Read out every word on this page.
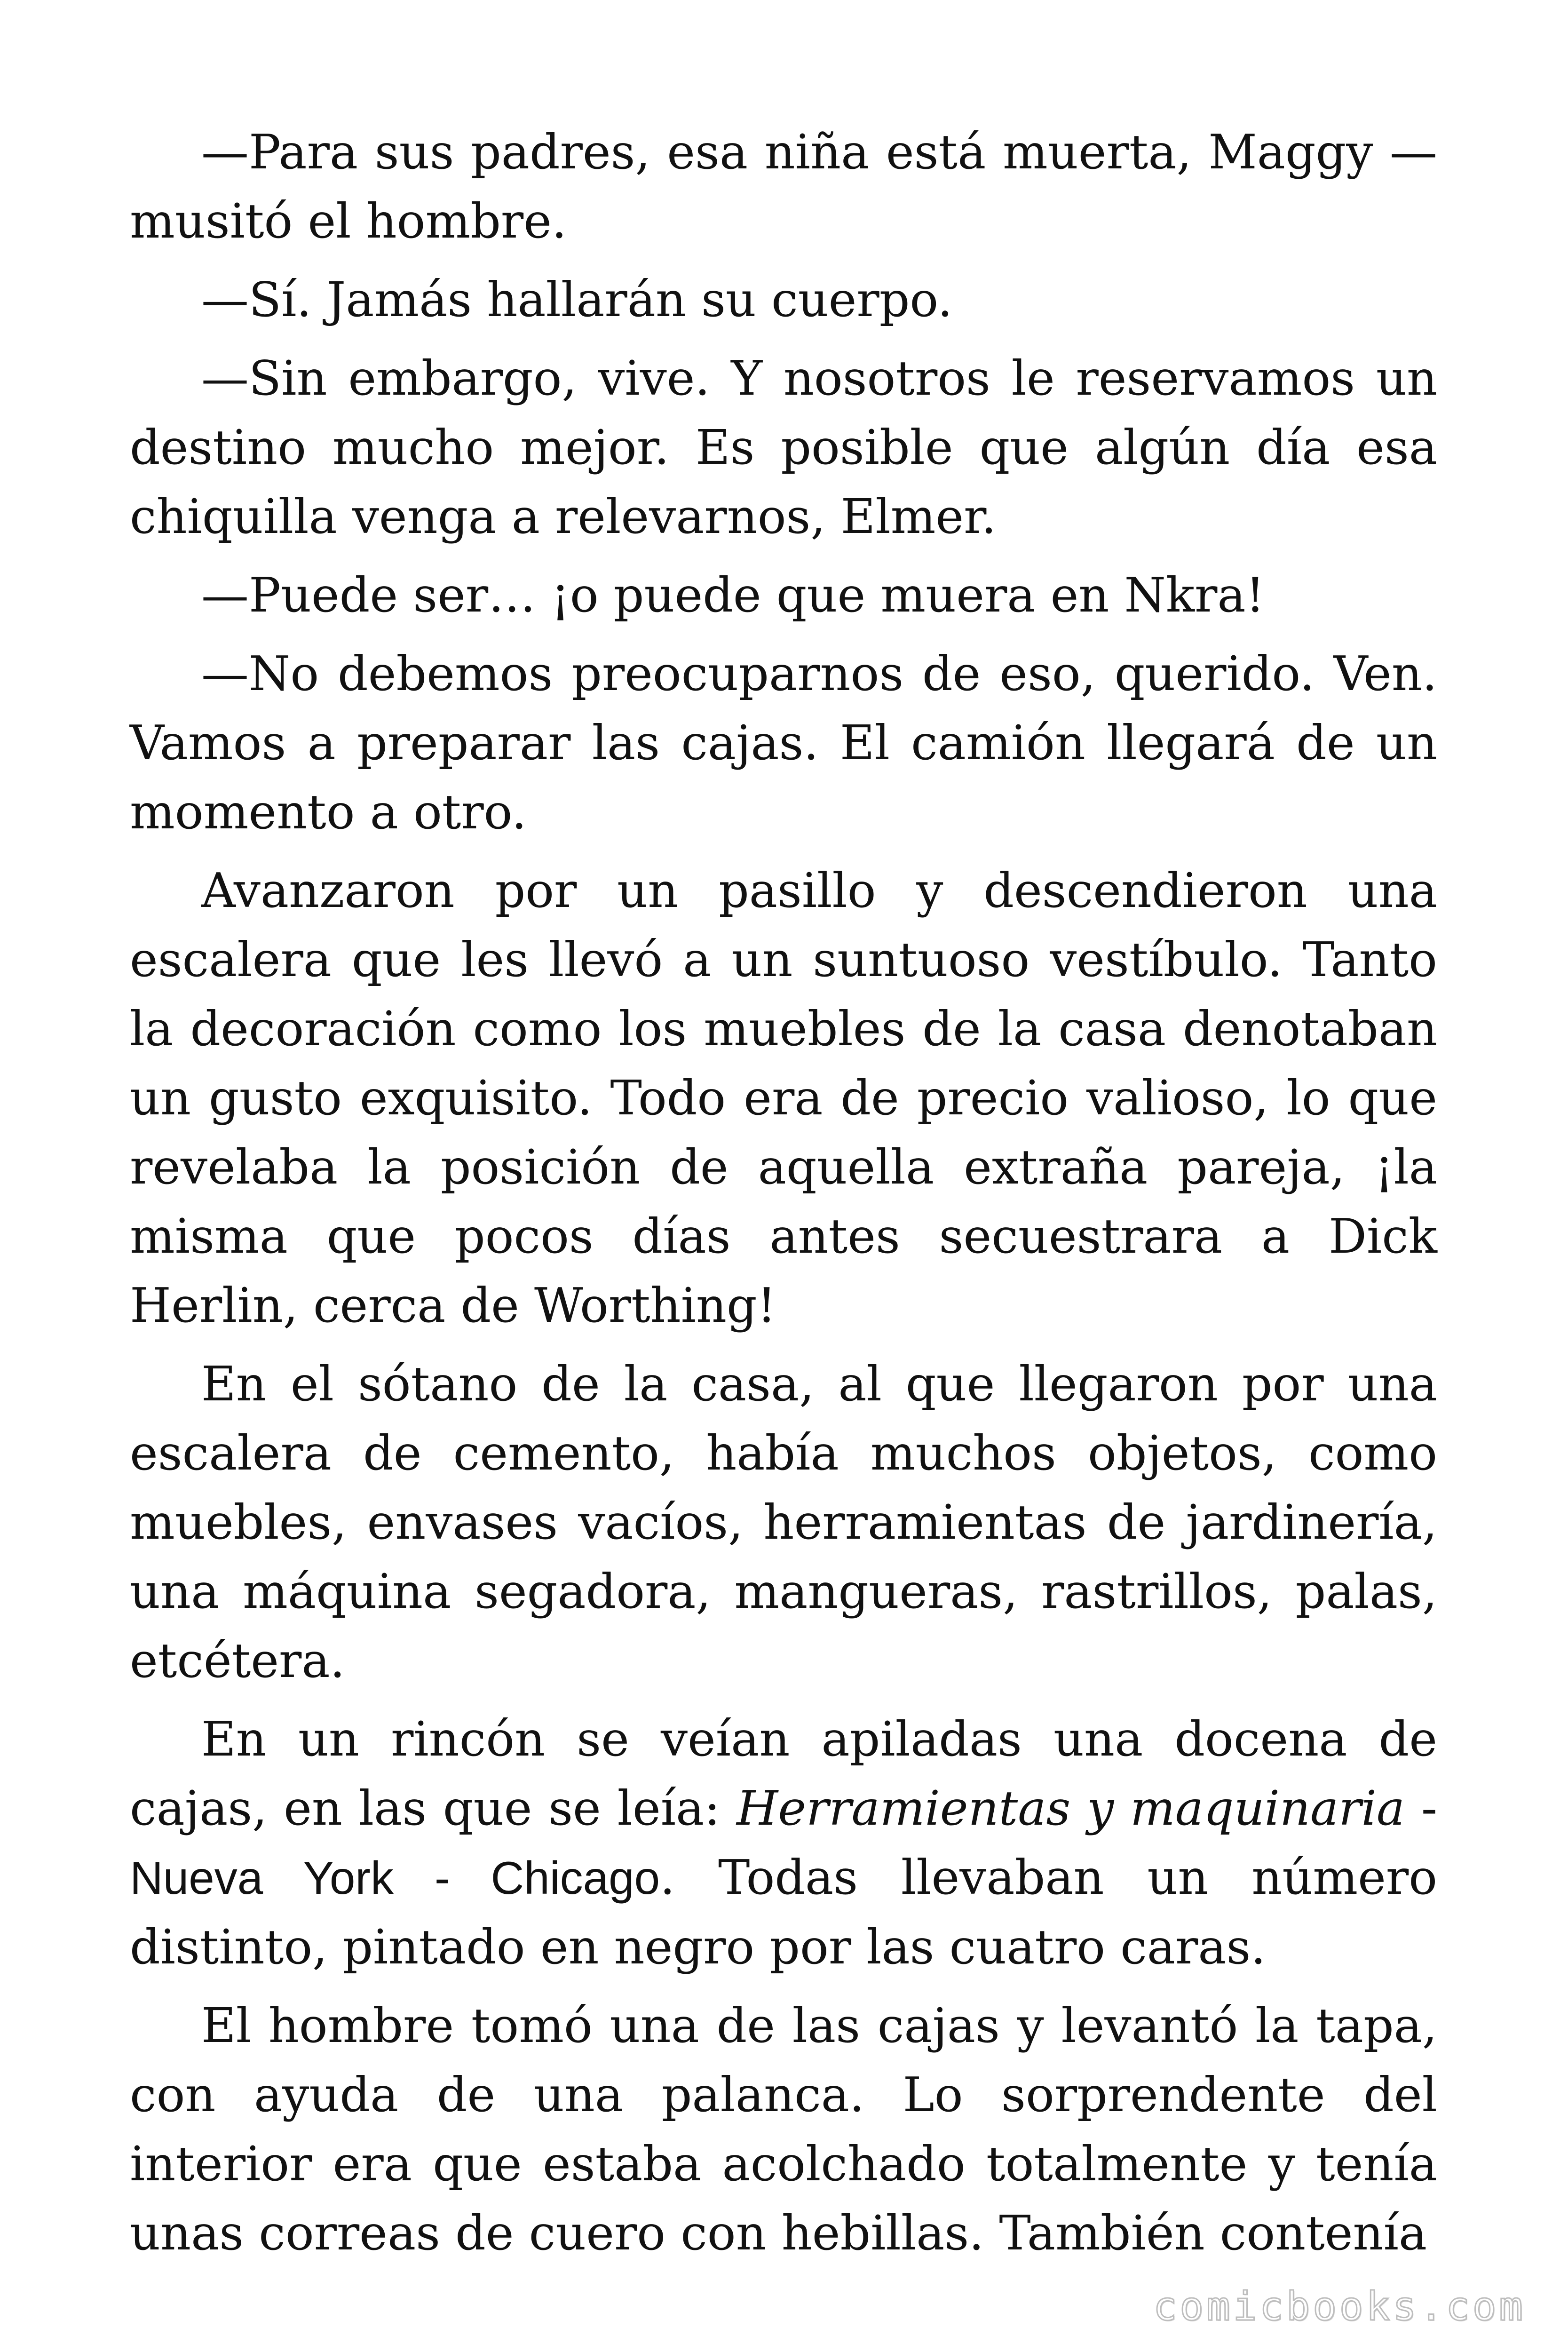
—Para sus padres, esa niña está muerta, Maggy —musitó el hombre.

—Sí. Jamás hallarán su cuerpo.

—Sin embargo, vive. Y nosotros le reservamos un destino mucho mejor. Es posible que algún día esa chiquilla venga a relevarnos, Elmer.

—Puede ser… ¡o puede que muera en Nkra!

—No debemos preocuparnos de eso, querido. Ven. Vamos a preparar las cajas. El camión llegará de un momento a otro.

Avanzaron por un pasillo y descendieron una escalera que les llevó a un suntuoso vestíbulo. Tanto la decoración como los muebles de la casa denotaban un gusto exquisito. Todo era de precio valioso, lo que revelaba la posición de aquella extraña pareja, ¡la misma que pocos días antes secuestrara a Dick Herlin, cerca de Worthing!

En el sótano de la casa, al que llegaron por una escalera de cemento, había muchos objetos, como muebles, envases vacíos, herramientas de jardinería, una máquina segadora, mangueras, rastrillos, palas, etcétera.

En un rincón se veían apiladas una docena de cajas, en las que se leía: Herramientas y maquinaria - Nueva York - Chicago. Todas llevaban un número distinto, pintado en negro por las cuatro caras.

El hombre tomó una de las cajas y levantó la tapa, con ayuda de una palanca. Lo sorprendente del interior era que estaba acolchado totalmente y tenía unas correas de cuero con hebillas. También contenía

comicbooks.com
